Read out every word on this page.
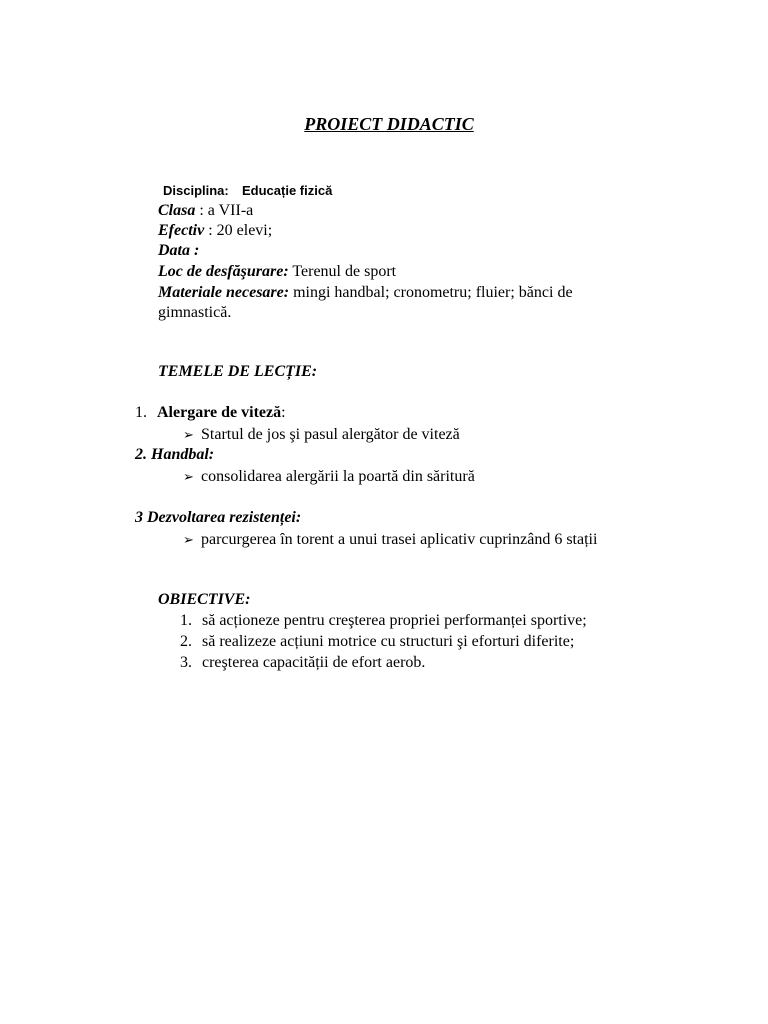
PROIECT DIDACTIC
Disciplina: Educație fizică
Clasa : a VII-a
Efectiv : 20 elevi;
Data :
Loc de desfăşurare: Terenul de sport
Materiale necesare: mingi handbal; cronometru; fluier; bănci de
gimnastică.
TEMELE DE LECȚIE:
1. Alergare de viteză:
➢ Startul de jos şi pasul alergător de viteză
2. Handbal:
➢ consolidarea alergării la poartă din săritură
3 Dezvoltarea rezistenței:
➢ parcurgerea în torent a unui trasei aplicativ cuprinzând 6 stații
OBIECTIVE:
1. să acționeze pentru creşterea propriei performanței sportive;
2. să realizeze acțiuni motrice cu structuri şi eforturi diferite;
3. creşterea capacității de efort aerob.
